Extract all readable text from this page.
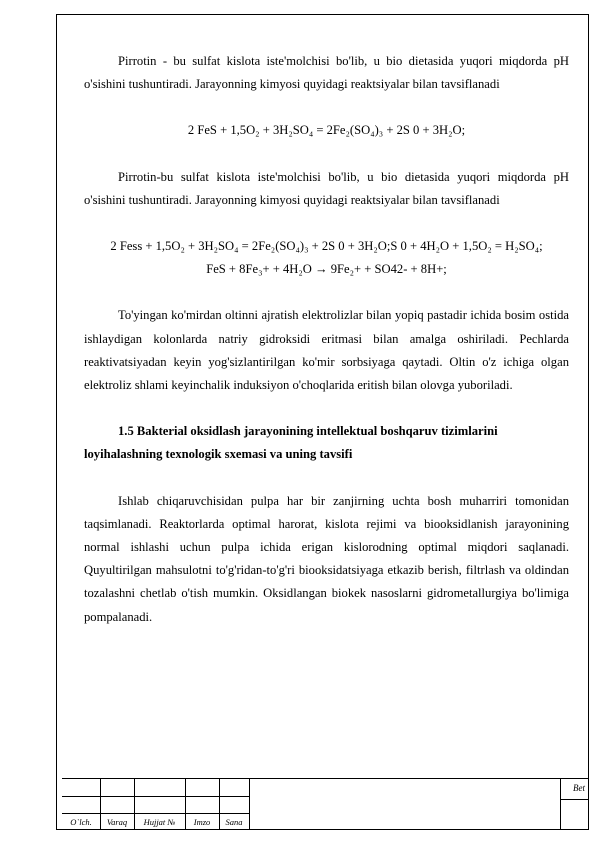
Pirrotin - bu sulfat kislota iste'molchisi bo'lib, u bio dietasida yuqori miqdorda pH o'sishini tushuntiradi. Jarayonning kimyosi quyidagi reaktsiyalar bilan tavsiflanadi

2 FeS + 1,5O₂ + 3H₂SO₄ = 2Fe₂(SO₄)₃ + 2S 0 + 3H₂O;

Pirrotin-bu sulfat kislota iste'molchisi bo'lib, u bio dietasida yuqori miqdorda pH o'sishini tushuntiradi. Jarayonning kimyosi quyidagi reaktsiyalar bilan tavsiflanadi

2 Fess + 1,5O₂ + 3H₂SO₄ = 2Fe₂(SO₄)₃ + 2S 0 + 3H₂O;S 0 + 4H₂O + 1,5O₂ = H₂SO₄;

FeS + 8Fe₃+ + 4H₂O → 9Fe₂+ + SO42- + 8H+;

To'yingan ko'mirdan oltinni ajratish elektrolizlar bilan yopiq pastadir ichida bosim ostida ishlaydigan kolonlarda natriy gidroksidi eritmasi bilan amalga oshiriladi. Pechlarda reaktivatsiyadan keyin yog'sizlantirilgan ko'mir sorbsiyaga qaytadi. Oltin o'z ichiga olgan elektroliz shlami keyinchalik induksiyon o'choqlarida eritish bilan olovga yuboriladi.

1.5 Bakterial oksidlash jarayonining intellektual boshqaruv tizimlarini

loyihalashning texnologik sxemasi va uning tavsifi

Ishlab chiqaruvchisidan pulpa har bir zanjirning uchta bosh muharriri tomonidan taqsimlanadi. Reaktorlarda optimal harorat, kislota rejimi va biooksidlanish jarayonining normal ishlashi uchun pulpa ichida erigan kislorodning optimal miqdori saqlanadi. Quyultirilgan mahsulotni to'g'ridan-to'g'ri biooksidatsiyaga etkazib berish, filtrlash va oldindan tozalashni chetlab o'tish mumkin. Oksidlangan biokek nasoslarni gidrometallurgiya bo'limiga pompalanadi.

O`lch.	Varaq	Hujjat №	Imzo	Sana
Bet
